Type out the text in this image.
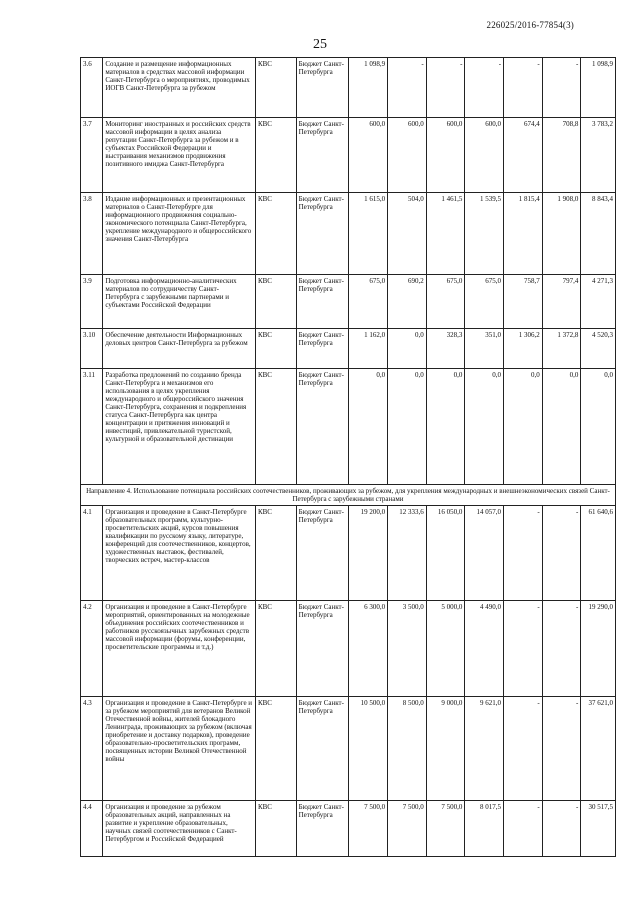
226025/2016-77854(3)
25
3.6	Создание и размещение информационных материалов в средствах массовой информации Санкт-Петербурга о мероприятиях, проводимых ИОГВ Санкт-Петербурга за рубежом	КВС	Бюджет Санкт-Петербурга	1 098,9	-	-	-	-	-	1 098,9
3.7	Мониторинг иностранных и российских средств массовой информации в целях анализа репутации Санкт-Петербурга за рубежом и в субъектах Российской Федерации и выстраивания механизмов продвижения позитивного имиджа Санкт-Петербурга	КВС	Бюджет Санкт-Петербурга	600,0	600,0	600,0	600,0	674,4	708,8	3 783,2
3.8	Издание информационных и презентационных материалов о Санкт-Петербурге для информационного продвижения социально-экономического потенциала Санкт-Петербурга, укрепление международного и общероссийского значения Санкт-Петербурга	КВС	Бюджет Санкт-Петербурга	1 615,0	504,0	1 461,5	1 539,5	1 815,4	1 908,0	8 843,4
3.9	Подготовка информационно-аналитических материалов по сотрудничеству Санкт-Петербурга с зарубежными партнерами и субъектами Российской Федерации	КВС	Бюджет Санкт-Петербурга	675,0	690,2	675,0	675,0	758,7	797,4	4 271,3
3.10	Обеспечение деятельности Информационных деловых центров Санкт-Петербурга за рубежом	КВС	Бюджет Санкт-Петербурга	1 162,0	0,0	328,3	351,0	1 306,2	1 372,8	4 520,3
3.11	Разработка предложений по созданию бренда Санкт-Петербурга и механизмов его использования в целях укрепления международного и общероссийского значения Санкт-Петербурга, сохранения и подкрепления статуса Санкт-Петербурга как центра концентрации и притяжения инноваций и инвестиций, привлекательной туристской, культурной и образовательной дестинации	КВС	Бюджет Санкт-Петербурга	0,0	0,0	0,0	0,0	0,0	0,0	0,0
Направление 4. Использование потенциала российских соотечественников, проживающих за рубежом, для укрепления международных и внешнеэкономических связей Санкт-Петербурга с зарубежными странами										
4.1	Организация и проведение в Санкт-Петербурге образовательных программ, культурно-просветительских акций, курсов повышения квалификации по русскому языку, литературе, конференций для соотечественников, концертов, художественных выставок, фестивалей, творческих встреч, мастер-классов	КВС	Бюджет Санкт-Петербурга	19 200,0	12 333,6	16 050,0	14 057,0	-	-	61 640,6
4.2	Организация и проведение в Санкт-Петербурге мероприятий, ориентированных на молодежные объединения российских соотечественников и работников русскоязычных зарубежных средств массовой информации (форумы, конференции, просветительские программы и т.д.)	КВС	Бюджет Санкт-Петербурга	6 300,0	3 500,0	5 000,0	4 490,0	-	-	19 290,0
4.3	Организация и проведение в Санкт-Петербурге и за рубежом мероприятий для ветеранов Великой Отечественной войны, жителей блокадного Ленинграда, проживающих за рубежом (включая приобретение и доставку подарков), проведение образовательно-просветительских программ, посвященных истории Великой Отечественной войны	КВС	Бюджет Санкт-Петербурга	10 500,0	8 500,0	9 000,0	9 621,0	-	-	37 621,0
4.4	Организация и проведение за рубежом образовательных акций, направленных на развитие и укрепление образовательных, научных связей соотечественников с Санкт-Петербургом и Российской Федерацией	КВС	Бюджет Санкт-Петербурга	7 500,0	7 500,0	7 500,0	8 017,5	-	-	30 517,5
